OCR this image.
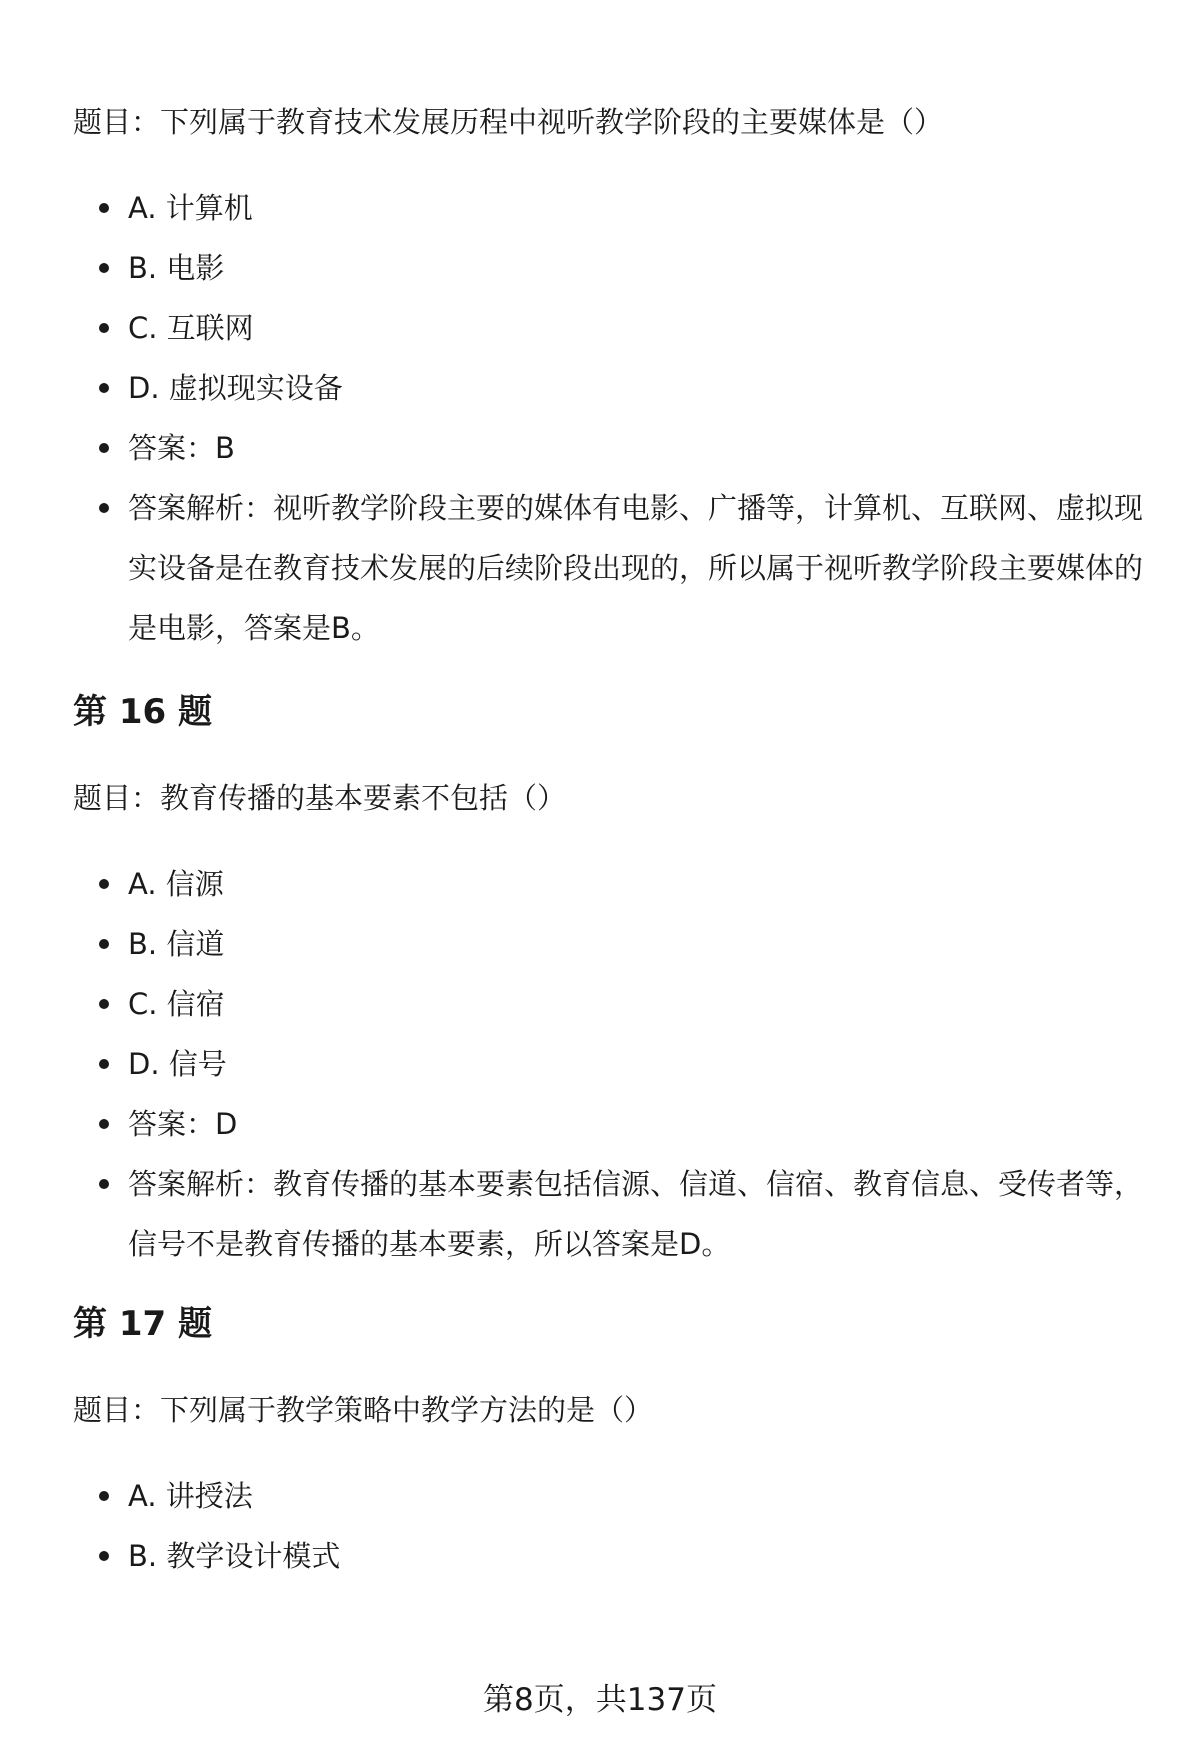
题目：下列属于教育技术发展历程中视听教学阶段的主要媒体是（）
A. 计算机
B. 电影
C. 互联网
D. 虚拟现实设备
答案：B
答案解析：视听教学阶段主要的媒体有电影、广播等，计算机、互联网、虚拟现实设备是在教育技术发展的后续阶段出现的，所以属于视听教学阶段主要媒体的是电影，答案是B。
第 16 题
题目：教育传播的基本要素不包括（）
A. 信源
B. 信道
C. 信宿
D. 信号
答案：D
答案解析：教育传播的基本要素包括信源、信道、信宿、教育信息、受传者等，信号不是教育传播的基本要素，所以答案是D。
第 17 题
题目：下列属于教学策略中教学方法的是（）
A. 讲授法
B. 教学设计模式
第8页，共137页
